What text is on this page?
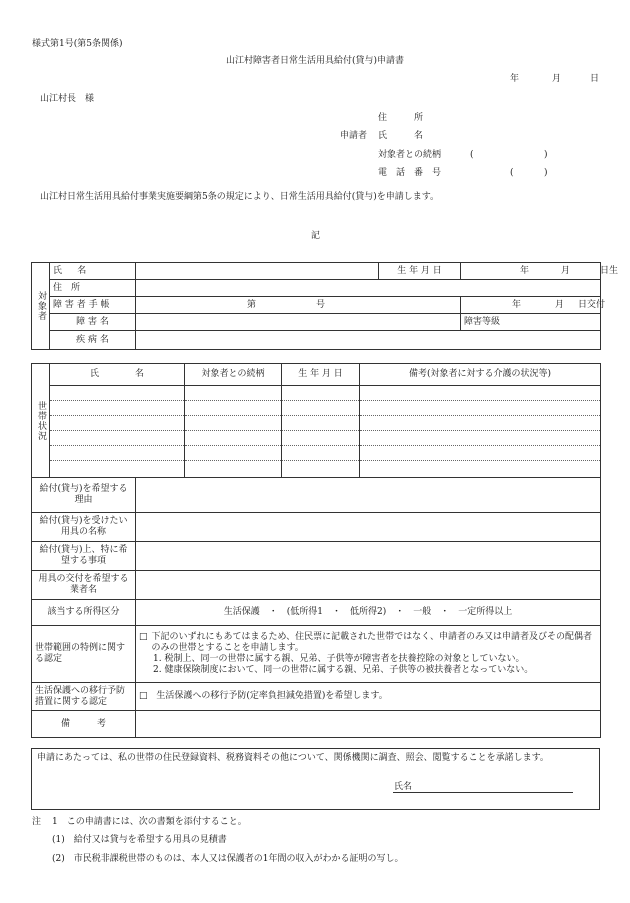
様式第1号(第5条関係)
山江村障害者日常生活用具給付(貸与)申請書
年	月	日
山江村長　様
住　　　所
申請者 氏　　　名
対象者との続柄	(	)
電　話　番　号	(	)
山江村日常生活用具給付事業実施要綱第5条の規定により、日常生活用具給付(貸与)を申請します。
記
対象者	氏　名		生 年 月 日	年 月 日生
	住　所			
	障 害 者 手 帳	第 号		年 月 日交付
	障 害 名			障害等級
	疾 病 名			
世帯状況	氏　　　　名	対象者との続柄	生 年 月 日	備考(対象者に対する介護の状況等)

給付(貸与)を希望する理由	
給付(貸与)を受けたい用具の名称	
給付(貸与)上、特に希望する事項	
用具の交付を希望する業者名	
該当する所得区分	生活保護　・　(低所得1　・　低所得2)　・　一般　・　一定所得以上
世帯範囲の特例に関する認定	□ 下記のいずれにもあてはまるため、住民票に記載された世帯ではなく、申請者のみ又は申請者及びその配偶者のみの世帯とすることを申請します。
1. 税制上、同一の世帯に属する親、兄弟、子供等が障害者を扶養控除の対象としていない。
2. 健康保険制度において、同一の世帯に属する親、兄弟、子供等の被扶養者となっていない。

生活保護への移行予防措置に関する認定	□ 生活保護への移行予防(定率負担減免措置)を希望します。
備　　　考	
申請にあたっては、私の世帯の住民登録資料、税務資料その他について、関係機関に調査、照会、閲覧することを承諾します。
氏名
注 1　この申請書には、次の書類を添付すること。
(1)　給付又は貸与を希望する用具の見積書
(2)　市民税非課税世帯のものは、本人又は保護者の1年間の収入がわかる証明の写し。
